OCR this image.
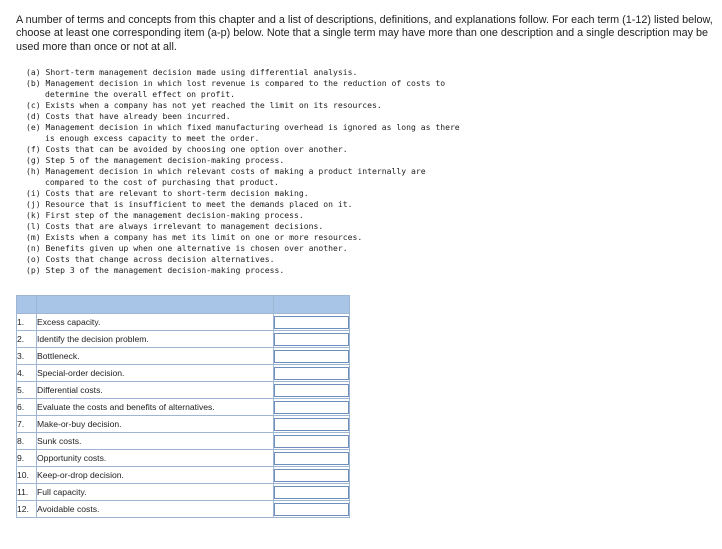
A number of terms and concepts from this chapter and a list of descriptions, definitions, and explanations follow. For each term (1-12) listed below, choose at least one corresponding item (a-p) below. Note that a single term may have more than one description and a single description may be used more than once or not at all.

(a) Short-term management decision made using differential analysis.
(b) Management decision in which lost revenue is compared to the reduction of costs to
determine the overall effect on profit.
(c) Exists when a company has not yet reached the limit on its resources.
(d) Costs that have already been incurred.
(e) Management decision in which fixed manufacturing overhead is ignored as long as there
is enough excess capacity to meet the order.
(f) Costs that can be avoided by choosing one option over another.
(g) Step 5 of the management decision-making process.
(h) Management decision in which relevant costs of making a product internally are
compared to the cost of purchasing that product.
(i) Costs that are relevant to short-term decision making.
(j) Resource that is insufficient to meet the demands placed on it.
(k) First step of the management decision-making process.
(l) Costs that are always irrelevant to management decisions.
(m) Exists when a company has met its limit on one or more resources.
(n) Benefits given up when one alternative is chosen over another.
(o) Costs that change across decision alternatives.
(p) Step 3 of the management decision-making process.

1.	Excess capacity.	

2.	Identify the decision problem.	

3.	Bottleneck.	

4.	Special-order decision.	

5.	Differential costs.	

6.	Evaluate the costs and benefits of alternatives.	

7.	Make-or-buy decision.	

8.	Sunk costs.	

9.	Opportunity costs.	

10.	Keep-or-drop decision.	

11.	Full capacity.	

12.	Avoidable costs.	
